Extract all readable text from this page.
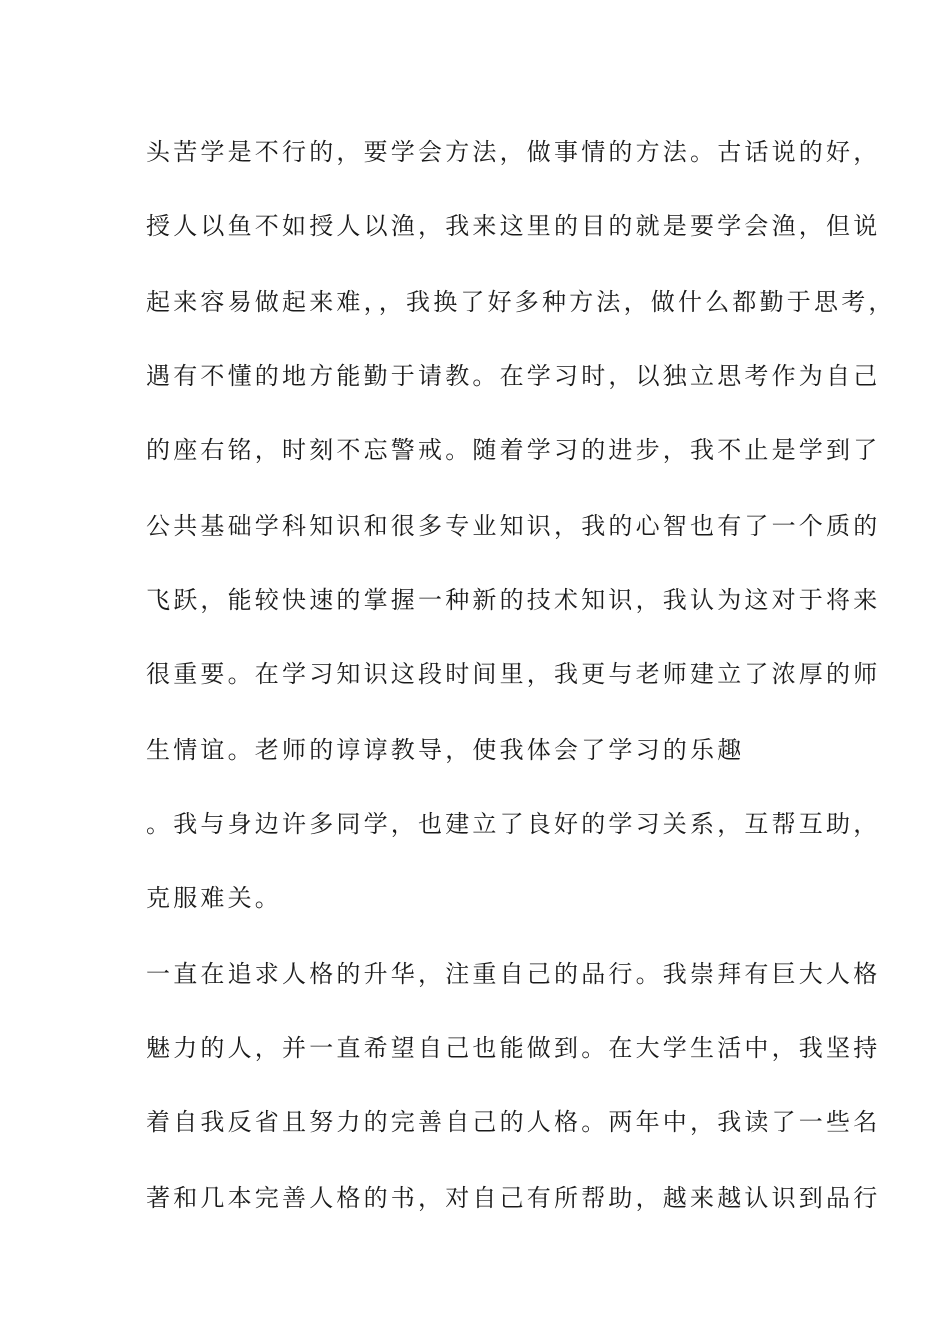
头苦学是不行的，要学会方法，做事情的方法。古话说的好，
授人以鱼不如授人以渔，我来这里的目的就是要学会渔，但说
起来容易做起来难，，我换了好多种方法，做什么都勤于思考，
遇有不懂的地方能勤于请教。在学习时，以独立思考作为自己
的座右铭，时刻不忘警戒。随着学习的进步，我不止是学到了
公共基础学科知识和很多专业知识，我的心智也有了一个质的
飞跃，能较快速的掌握一种新的技术知识，我认为这对于将来
很重要。在学习知识这段时间里，我更与老师建立了浓厚的师
生情谊。老师的谆谆教导，使我体会了学习的乐趣
。我与身边许多同学，也建立了良好的学习关系，互帮互助，
克服难关。
一直在追求人格的升华，注重自己的品行。我崇拜有巨大人格
魅力的人，并一直希望自己也能做到。在大学生活中，我坚持
着自我反省且努力的完善自己的人格。两年中，我读了一些名
著和几本完善人格的书，对自己有所帮助，越来越认识到品行
